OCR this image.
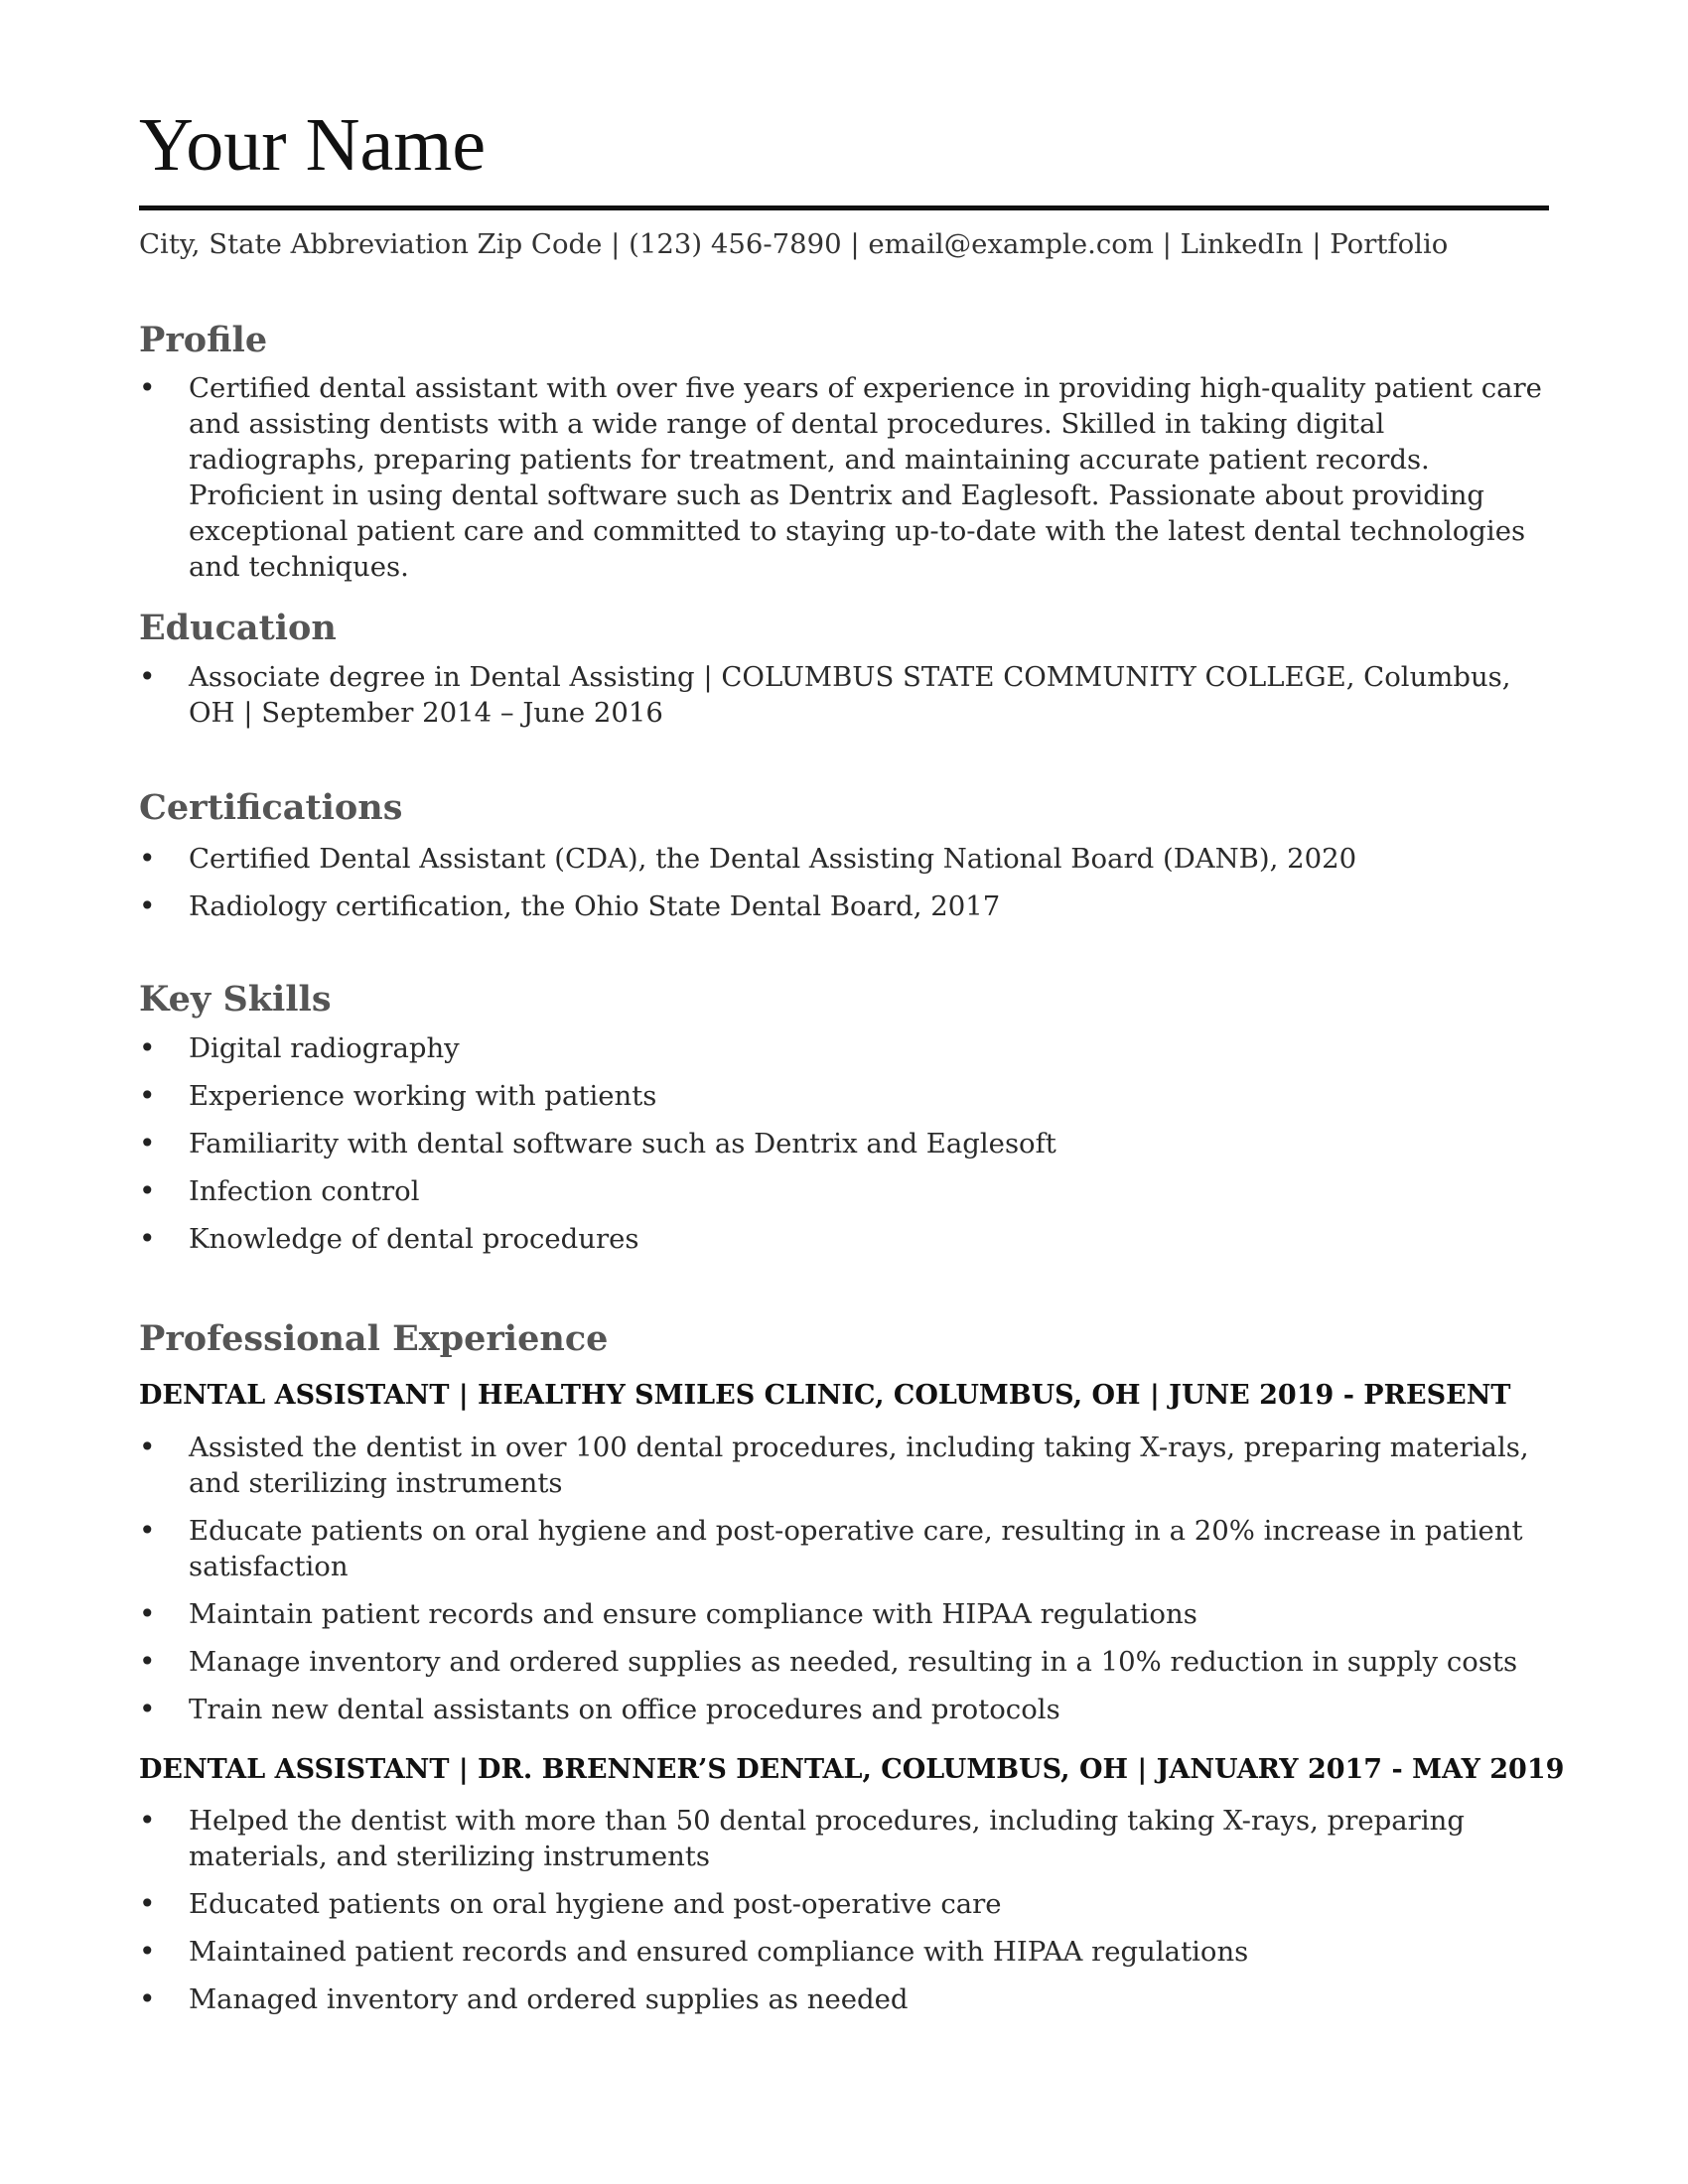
Your Name
City, State Abbreviation Zip Code | (123) 456-7890 | email@example.com | LinkedIn | Portfolio
Profile
• Certified dental assistant with over five years of experience in providing high-quality patient care and assisting dentists with a wide range of dental procedures. Skilled in taking digital radiographs, preparing patients for treatment, and maintaining accurate patient records. Proficient in using dental software such as Dentrix and Eaglesoft. Passionate about providing exceptional patient care and committed to staying up-to-date with the latest dental technologies and techniques.
Education
• Associate degree in Dental Assisting | COLUMBUS STATE COMMUNITY COLLEGE, Columbus, OH | September 2014 – June 2016
Certifications
• Certified Dental Assistant (CDA), the Dental Assisting National Board (DANB), 2020
• Radiology certification, the Ohio State Dental Board, 2017
Key Skills
• Digital radiography
• Experience working with patients
• Familiarity with dental software such as Dentrix and Eaglesoft
• Infection control
• Knowledge of dental procedures
Professional Experience
DENTAL ASSISTANT | HEALTHY SMILES CLINIC, COLUMBUS, OH | JUNE 2019 - PRESENT
• Assisted the dentist in over 100 dental procedures, including taking X-rays, preparing materials, and sterilizing instruments
• Educate patients on oral hygiene and post-operative care, resulting in a 20% increase in patient satisfaction
• Maintain patient records and ensure compliance with HIPAA regulations
• Manage inventory and ordered supplies as needed, resulting in a 10% reduction in supply costs
• Train new dental assistants on office procedures and protocols
DENTAL ASSISTANT | DR. BRENNER’S DENTAL, COLUMBUS, OH | JANUARY 2017 - MAY 2019
• Helped the dentist with more than 50 dental procedures, including taking X-rays, preparing materials, and sterilizing instruments
• Educated patients on oral hygiene and post-operative care
• Maintained patient records and ensured compliance with HIPAA regulations
• Managed inventory and ordered supplies as needed
